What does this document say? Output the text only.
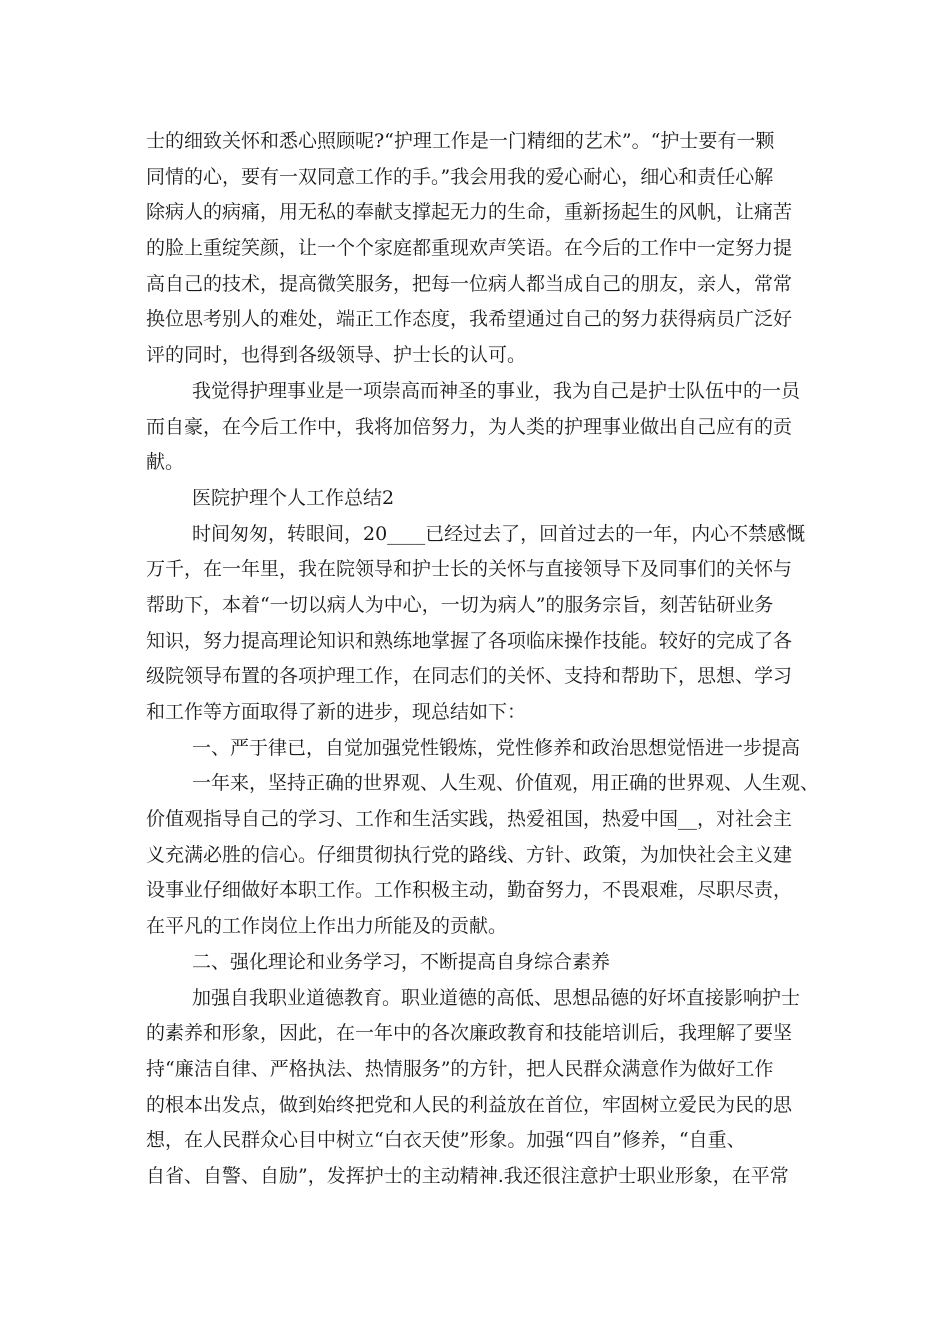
士的细致关怀和悉心照顾呢?“护理工作是一门精细的艺术”。“护士要有一颗
同情的心，要有一双同意工作的手。”我会用我的爱心耐心，细心和责任心解
除病人的病痛，用无私的奉献支撑起无力的生命，重新扬起生的风帆，让痛苦
的脸上重绽笑颜，让一个个家庭都重现欢声笑语。在今后的工作中一定努力提
高自己的技术，提高微笑服务，把每一位病人都当成自己的朋友，亲人，常常
换位思考别人的难处，端正工作态度，我希望通过自己的努力获得病员广泛好
评的同时，也得到各级领导、护士长的认可。
我觉得护理事业是一项崇高而神圣的事业，我为自己是护士队伍中的一员
而自豪，在今后工作中，我将加倍努力，为人类的护理事业做出自己应有的贡
献。
医院护理个人工作总结2
时间匆匆，转眼间，20____已经过去了，回首过去的一年，内心不禁感慨
万千，在一年里，我在院领导和护士长的关怀与直接领导下及同事们的关怀与
帮助下，本着“一切以病人为中心，一切为病人”的服务宗旨，刻苦钻研业务
知识，努力提高理论知识和熟练地掌握了各项临床操作技能。较好的完成了各
级院领导布置的各项护理工作，在同志们的关怀、支持和帮助下，思想、学习
和工作等方面取得了新的进步，现总结如下：
一、严于律已，自觉加强党性锻炼，党性修养和政治思想觉悟进一步提高
一年来，坚持正确的世界观、人生观、价值观，用正确的世界观、人生观、
价值观指导自己的学习、工作和生活实践，热爱祖国，热爱中国__，对社会主
义充满必胜的信心。仔细贯彻执行党的路线、方针、政策，为加快社会主义建
设事业仔细做好本职工作。工作积极主动，勤奋努力，不畏艰难，尽职尽责，
在平凡的工作岗位上作出力所能及的贡献。
二、强化理论和业务学习，不断提高自身综合素养
加强自我职业道德教育。职业道德的高低、思想品德的好坏直接影响护士
的素养和形象，因此，在一年中的各次廉政教育和技能培训后，我理解了要坚
持“廉洁自律、严格执法、热情服务”的方针，把人民群众满意作为做好工作
的根本出发点，做到始终把党和人民的利益放在首位，牢固树立爱民为民的思
想，在人民群众心目中树立“白衣天使”形象。加强“四自”修养，“自重、
自省、自警、自励”，发挥护士的主动精神.我还很注意护士职业形象，在平常
